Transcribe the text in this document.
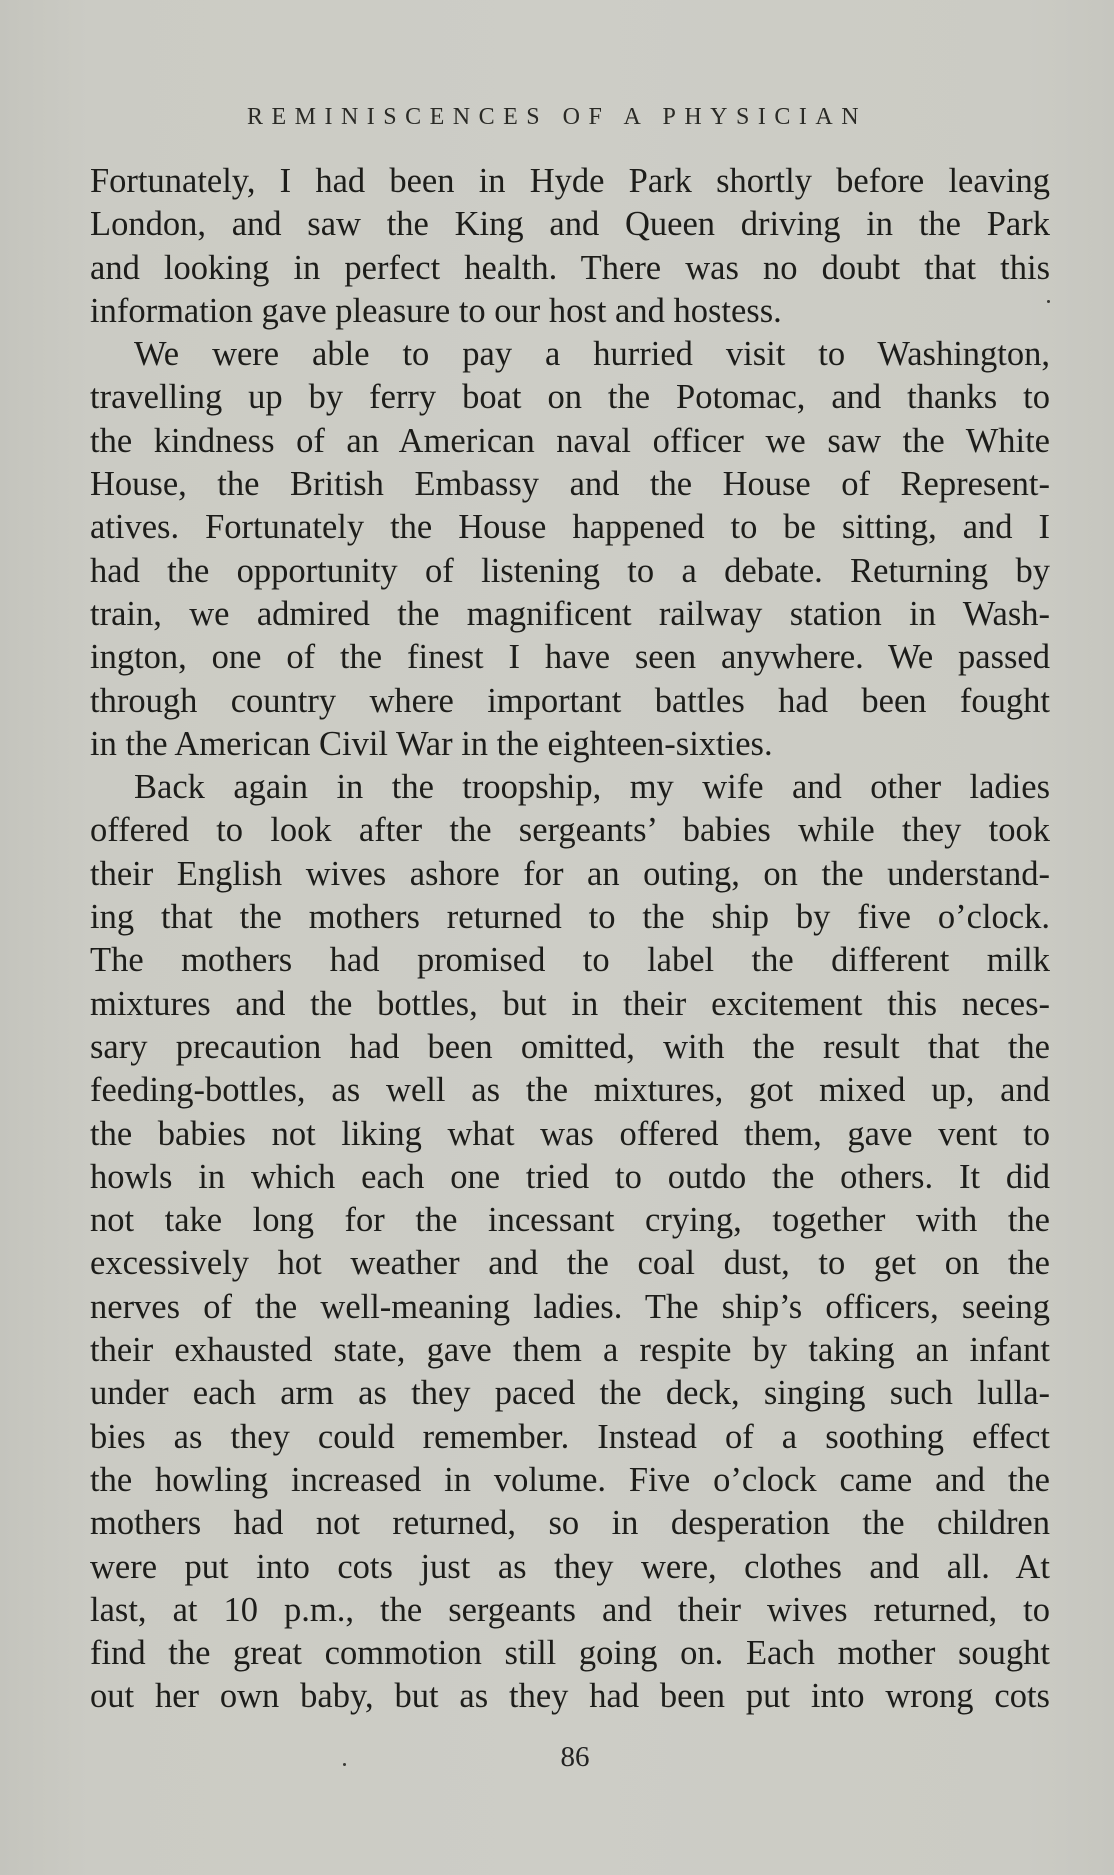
REMINISCENCES OF A PHYSICIAN
Fortunately, I had been in Hyde Park shortly before leaving
London, and saw the King and Queen driving in the Park
and looking in perfect health. There was no doubt that this
information gave pleasure to our host and hostess.
We were able to pay a hurried visit to Washington,
travelling up by ferry boat on the Potomac, and thanks to
the kindness of an American naval officer we saw the White
House, the British Embassy and the House of Represent‐
atives. Fortunately the House happened to be sitting, and I
had the opportunity of listening to a debate. Returning by
train, we admired the magnificent railway station in Wash‐
ington, one of the finest I have seen anywhere. We passed
through country where important battles had been fought
in the American Civil War in the eighteen‐sixties.
Back again in the troopship, my wife and other ladies
offered to look after the sergeants’ babies while they took
their English wives ashore for an outing, on the understand‐
ing that the mothers returned to the ship by five o’clock.
The mothers had promised to label the different milk
mixtures and the bottles, but in their excitement this neces‐
sary precaution had been omitted, with the result that the
feeding‐bottles, as well as the mixtures, got mixed up, and
the babies not liking what was offered them, gave vent to
howls in which each one tried to outdo the others. It did
not take long for the incessant crying, together with the
excessively hot weather and the coal dust, to get on the
nerves of the well‐meaning ladies. The ship’s officers, seeing
their exhausted state, gave them a respite by taking an infant
under each arm as they paced the deck, singing such lulla‐
bies as they could remember. Instead of a soothing effect
the howling increased in volume. Five o’clock came and the
mothers had not returned, so in desperation the children
were put into cots just as they were, clothes and all. At
last, at 10 p.m., the sergeants and their wives returned, to
find the great commotion still going on. Each mother sought
out her own baby, but as they had been put into wrong cots
86
